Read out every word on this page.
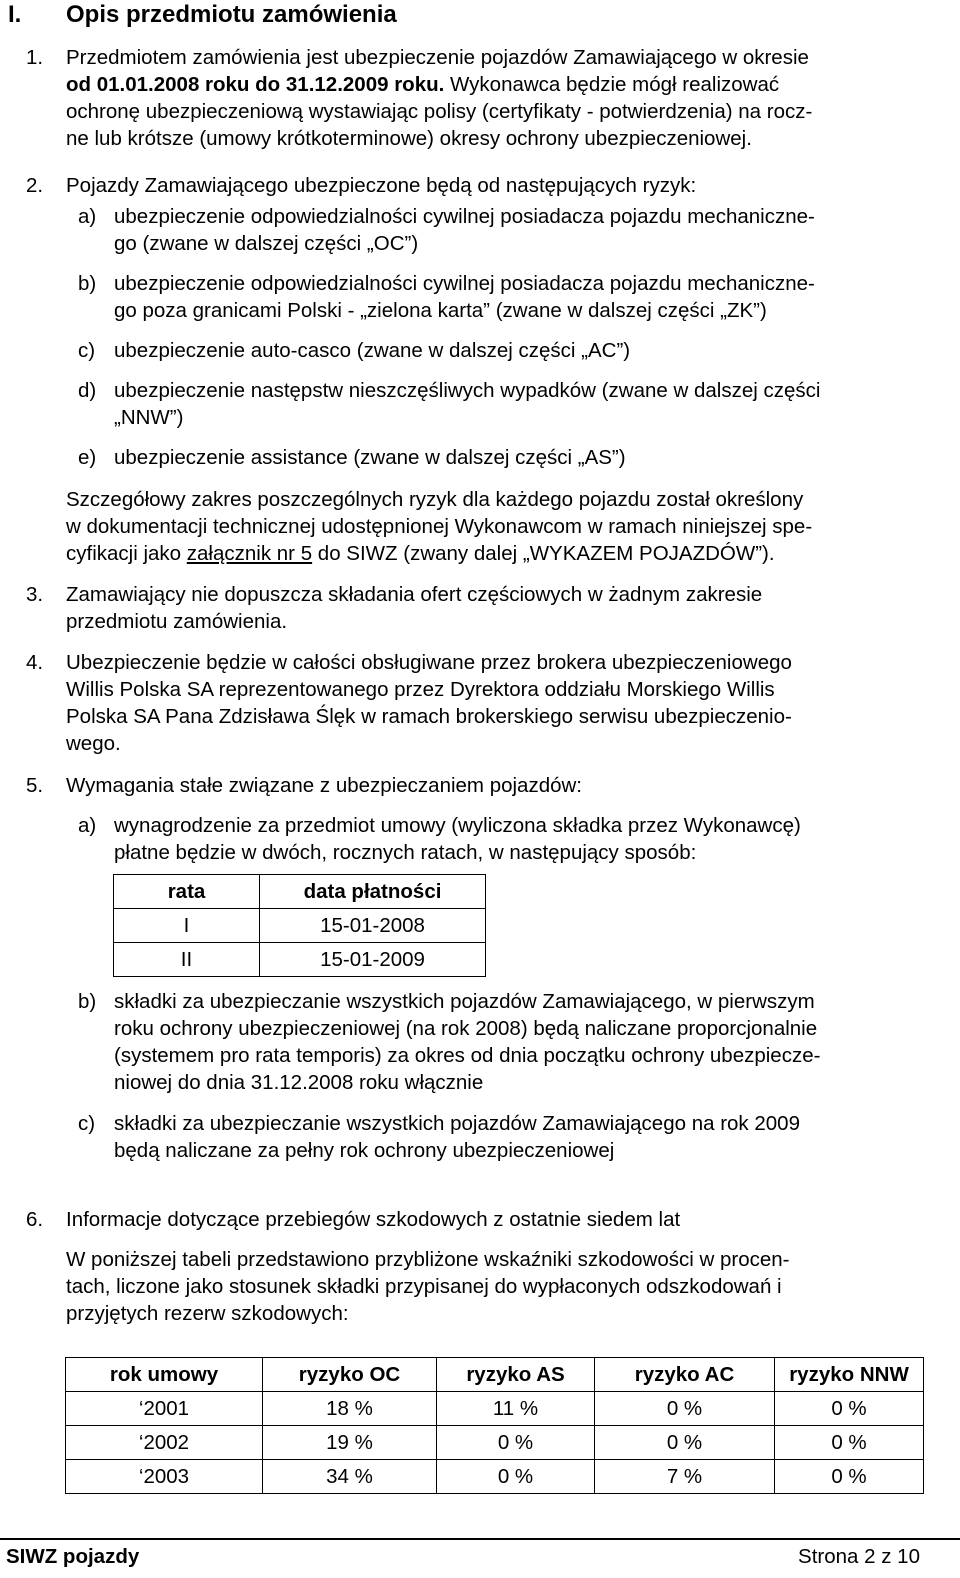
I. Opis przedmiotu zamówienia
1. Przedmiotem zamówienia jest ubezpieczenie pojazdów Zamawiającego w okresie
od 01.01.2008 roku do 31.12.2009 roku. Wykonawca będzie mógł realizować
ochronę ubezpieczeniową wystawiając polisy (certyfikaty - potwierdzenia) na rocz-
ne lub krótsze (umowy krótkoterminowe) okresy ochrony ubezpieczeniowej.
2. Pojazdy Zamawiającego ubezpieczone będą od następujących ryzyk:
a) ubezpieczenie odpowiedzialności cywilnej posiadacza pojazdu mechaniczne-
go (zwane w dalszej części „OC”)
b) ubezpieczenie odpowiedzialności cywilnej posiadacza pojazdu mechaniczne-
go poza granicami Polski - „zielona karta” (zwane w dalszej części „ZK”)
c) ubezpieczenie auto-casco (zwane w dalszej części „AC”)
d) ubezpieczenie następstw nieszczęśliwych wypadków (zwane w dalszej części
„NNW”)
e) ubezpieczenie assistance (zwane w dalszej części „AS”)
Szczegółowy zakres poszczególnych ryzyk dla każdego pojazdu został określony
w dokumentacji technicznej udostępnionej Wykonawcom w ramach niniejszej spe-
cyfikacji jako załącznik nr 5 do SIWZ (zwany dalej „WYKAZEM POJAZDÓW”).
3. Zamawiający nie dopuszcza składania ofert częściowych w żadnym zakresie
przedmiotu zamówienia.
4. Ubezpieczenie będzie w całości obsługiwane przez brokera ubezpieczeniowego
Willis Polska SA reprezentowanego przez Dyrektora oddziału Morskiego Willis
Polska SA Pana Zdzisława Ślęk w ramach brokerskiego serwisu ubezpieczenio-
wego.
5. Wymagania stałe związane z ubezpieczaniem pojazdów:
a) wynagrodzenie za przedmiot umowy (wyliczona składka przez Wykonawcę)
płatne będzie w dwóch, rocznych ratach, w następujący sposób:
rata	data płatności
I	15-01-2008
II	15-01-2009
b) składki za ubezpieczanie wszystkich pojazdów Zamawiającego, w pierwszym
roku ochrony ubezpieczeniowej (na rok 2008) będą naliczane proporcjonalnie
(systemem pro rata temporis) za okres od dnia początku ochrony ubezpiecze-
niowej do dnia 31.12.2008 roku włącznie
c) składki za ubezpieczanie wszystkich pojazdów Zamawiającego na rok 2009
będą naliczane za pełny rok ochrony ubezpieczeniowej
6. Informacje dotyczące przebiegów szkodowych z ostatnie siedem lat
W poniższej tabeli przedstawiono przybliżone wskaźniki szkodowości w procen-
tach, liczone jako stosunek składki przypisanej do wypłaconych odszkodowań i
przyjętych rezerw szkodowych:
rok umowy	ryzyko OC	ryzyko AS	ryzyko AC	ryzyko NNW
‘2001	18 %	11 %	0 %	0 %
‘2002	19 %	0 %	0 %	0 %
‘2003	34 %	0 %	7 %	0 %
SIWZ pojazdy	Strona 2 z 10
